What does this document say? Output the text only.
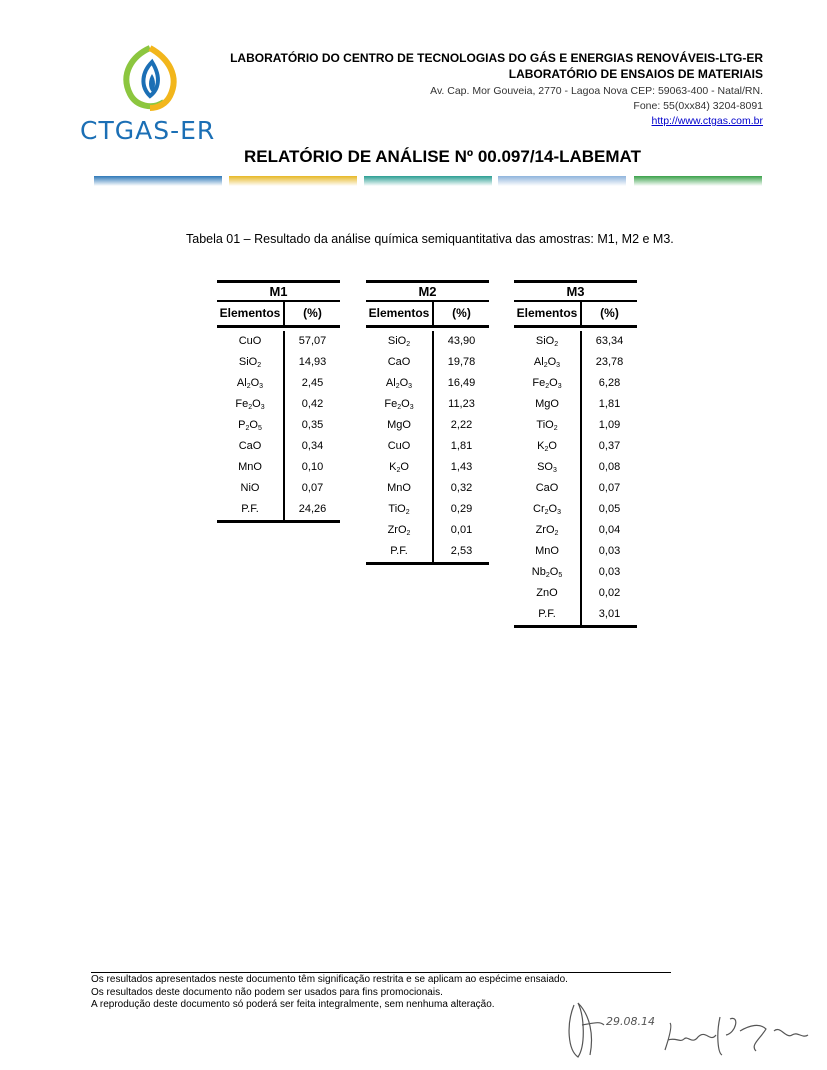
CTGAS-ER
LABORATÓRIO DO CENTRO DE TECNOLOGIAS DO GÁS E ENERGIAS RENOVÁVEIS-LTG-ER
LABORATÓRIO DE ENSAIOS DE MATERIAIS
Av. Cap. Mor Gouveia, 2770 - Lagoa Nova CEP: 59063-400 - Natal/RN.
Fone: 55(0xx84) 3204-8091
http://www.ctgas.com.br
RELATÓRIO DE ANÁLISE Nº 00.097/14-LABEMAT
Tabela 01 – Resultado da análise química semiquantitativa das amostras: M1, M2 e M3.
M1
Elementos	(%)
CuO	57,07
SiO$_2$	14,93
$Al_2O_3$	2,45
$Fe_2O_3$	0,42
$P_2O_5$	0,35
CaO	0,34
MnO	0,10
NiO	0,07
P.F.	24,26
M2
Elementos	(%)
SiO$_2$	43,90
CaO	19,78
$Al_2O_3$	16,49
$Fe_2O_3$	11,23
MgO	2,22
CuO	1,81
$K_2O$	1,43
MnO	0,32
TiO$_2$	0,29
ZrO$_2$	0,01
P.F.	2,53
M3
Elementos	(%)
SiO$_2$	63,34
$Al_2O_3$	23,78
$Fe_2O_3$	6,28
MgO	1,81
TiO$_2$	1,09
$K_2O$	0,37
$SO_3$	0,08
CaO	0,07
$Cr_2O_3$	0,05
ZrO$_2$	0,04
MnO	0,03
$Nb_2O_5$	0,03
ZnO	0,02
P.F.	3,01
Os resultados apresentados neste documento têm significação restrita e se aplicam ao espécime ensaiado.
Os resultados deste documento não podem ser usados para fins promocionais.
A reprodução deste documento só poderá ser feita integralmente, sem nenhuma alteração.
29.08.14
